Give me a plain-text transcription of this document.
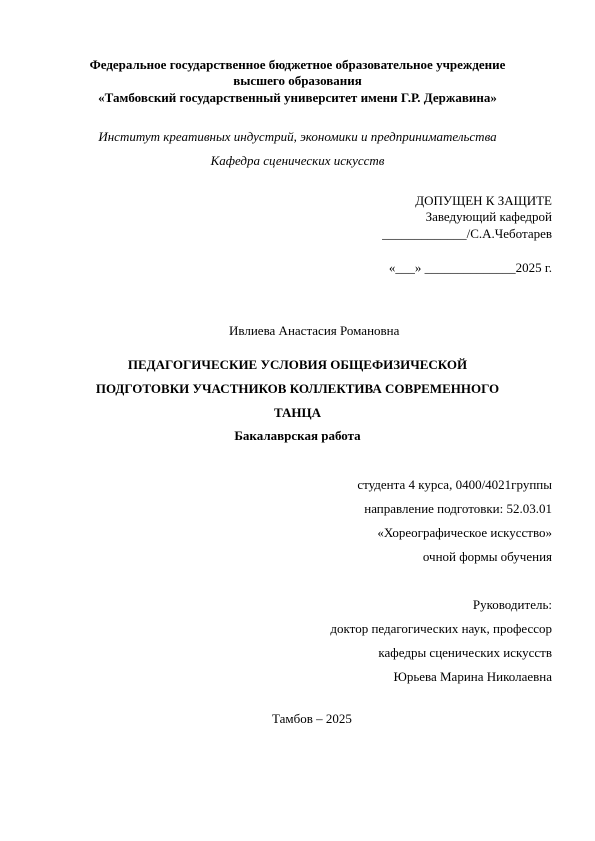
Федеральное государственное бюджетное образовательное учреждение
высшего образования
«Тамбовский государственный университет имени Г.Р. Державина»
Институт креативных индустрий, экономики и предпринимательства
Кафедра сценических искусств
ДОПУЩЕН К ЗАЩИТЕ
Заведующий кафедрой
_____________/С.А.Чеботарев
«___» ______________2025 г.
Ивлиева Анастасия Романовна
ПЕДАГОГИЧЕСКИЕ УСЛОВИЯ ОБЩЕФИЗИЧЕСКОЙ
ПОДГОТОВКИ УЧАСТНИКОВ КОЛЛЕКТИВА СОВРЕМЕННОГО
ТАНЦА
Бакалаврская работа
студента 4 курса, 0400/4021группы
направление подготовки: 52.03.01
«Хореографическое искусство»
очной формы обучения
Руководитель:
доктор педагогических наук, профессор
кафедры сценических искусств
Юрьева Марина Николаевна
Тамбов – 2025
